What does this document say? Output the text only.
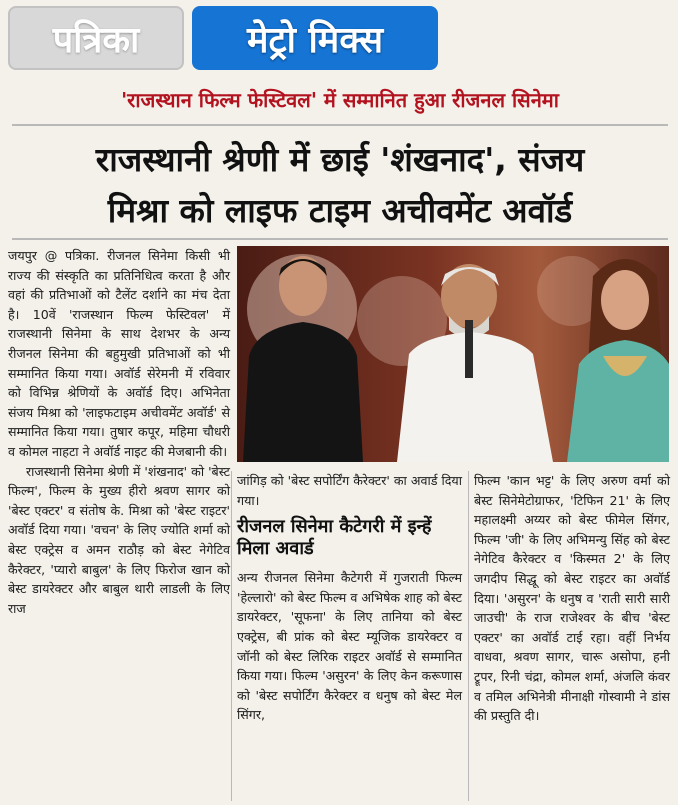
पत्रिका	मेट्रो मिक्स
'राजस्थान फिल्म फेस्टिवल' में सम्मानित हुआ रीजनल सिनेमा
राजस्थानी श्रेणी में छाई 'शंखनाद', संजय
मिश्रा को लाइफ टाइम अचीवमेंट अवॉर्ड

जयपुर @ पत्रिका. रीजनल सिनेमा किसी भी राज्य की संस्कृति का प्रतिनिधित्व करता है और वहां की प्रतिभाओं को टैलेंट दर्शाने का मंच देता है। 10वें 'राजस्थान फिल्म फेस्टिवल' में राजस्थानी सिनेमा के साथ देशभर के अन्य रीजनल सिनेमा की बहुमुखी प्रतिभाओं को भी सम्मानित किया गया। अवॉर्ड सेरेमनी में रविवार को विभिन्न श्रेणियों के अवॉर्ड दिए। अभिनेता संजय मिश्रा को 'लाइफटाइम अचीवमेंट अवॉर्ड' से सम्मानित किया गया। तुषार कपूर, महिमा चौधरी व कोमल नाहटा ने अवॉर्ड नाइट की मेजबानी की।

राजस्थानी सिनेमा श्रेणी में 'शंखनाद' को 'बेस्ट फिल्म', फिल्म के मुख्य हीरो श्रवण सागर को 'बेस्ट एक्टर' व संतोष के. मिश्रा को 'बेस्ट राइटर' अवॉर्ड दिया गया। 'वचन' के लिए ज्योति शर्मा को बेस्ट एक्ट्रेस व अमन राठौड़ को बेस्ट नेगेटिव कैरेक्टर, 'प्यारो बाबुल' के लिए फिरोज खान को बेस्ट डायरेक्टर और बाबुल थारी लाडली के लिए राज

जांगिड़ को 'बेस्ट सपोर्टिंग कैरेक्टर' का अवार्ड दिया गया।

रीजनल सिनेमा कैटेगरी में इन्हें मिला अवार्ड

अन्य रीजनल सिनेमा कैटेगरी में गुजराती फिल्म 'हेल्लारो' को बेस्ट फिल्म व अभिषेक शाह को बेस्ट डायरेक्टर, 'सूफना' के लिए तानिया को बेस्ट एक्ट्रेस, बी प्रांक को बेस्ट म्यूजिक डायरेक्टर व जॉनी को बेस्ट लिरिक राइटर अवॉर्ड से सम्मानित किया गया। फिल्म 'असुरन' के लिए केन करूणास को 'बेस्ट सपोर्टिंग कैरेक्टर व धनुष को बेस्ट मेल सिंगर,

फिल्म 'कान भट्ट' के लिए अरुण वर्मा को बेस्ट सिनेमेटोग्राफर, 'टिफिन 21' के लिए महालक्ष्मी अय्यर को बेस्ट फीमेल सिंगर, फिल्म 'जी' के लिए अभिमन्यु सिंह को बेस्ट नेगेटिव कैरेक्टर व 'किस्मत 2' के लिए जगदीप सिद्धू को बेस्ट राइटर का अवॉर्ड दिया। 'असुरन' के धनुष व 'राती सारी सारी जाउची' के राज राजेश्वर के बीच 'बेस्ट एक्टर' का अवॉर्ड टाई रहा। वहीं निर्भय वाधवा, श्रवण सागर, चारू असोपा, हनी ट्रूपर, रिनी चंद्रा, कोमल शर्मा, अंजलि कंवर व तमिल अभिनेत्री मीनाक्षी गोस्वामी ने डांस की प्रस्तुति दी।
